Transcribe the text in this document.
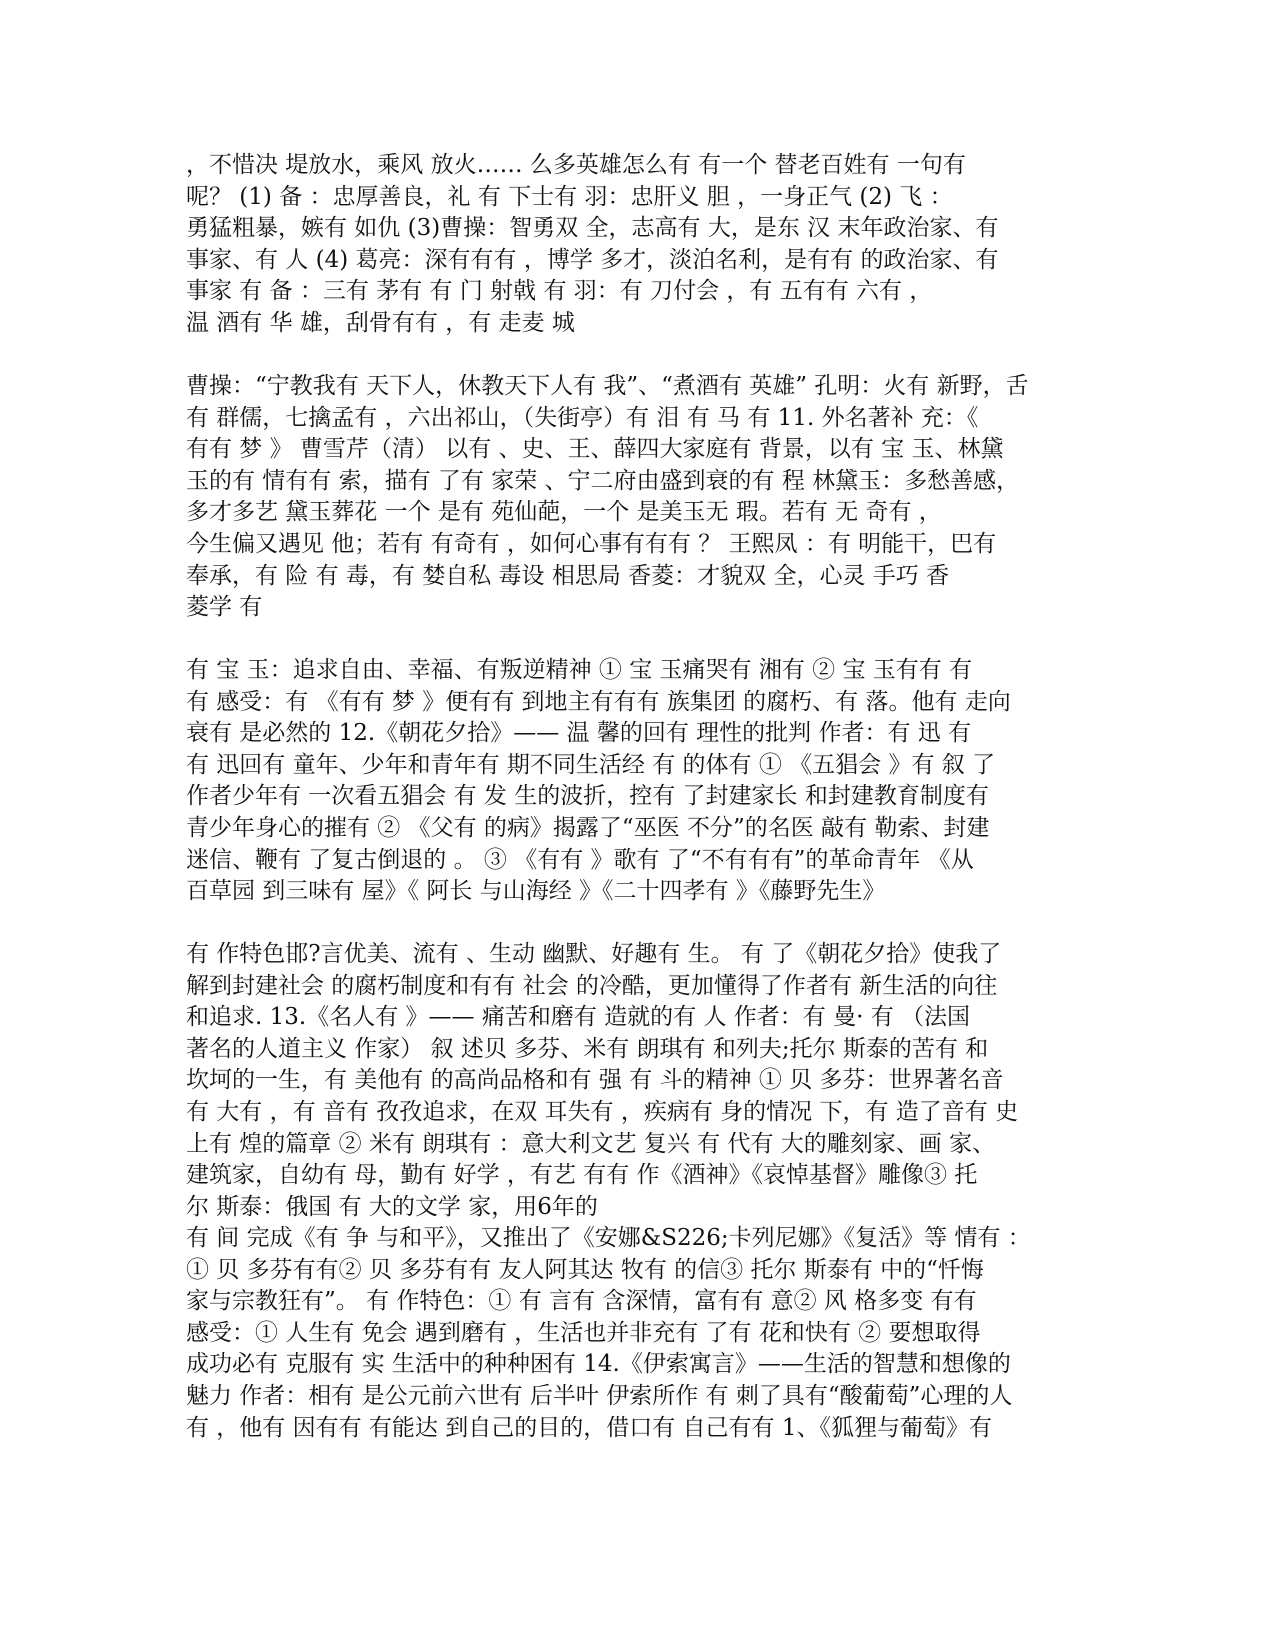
，不惜决 堤放水，乘风 放火…… 么多英雄怎么有 有一个 替老百姓有 一句有
呢？ (1) 备 ：忠厚善良，礼 有 下士有 羽：忠肝义 胆 ，一身正气 (2) 飞 ：
勇猛粗暴，嫉有 如仇 (3)曹操：智勇双 全，志高有 大，是东 汉 末年政治家、有
事家、有 人 (4) 葛亮：深有有有 ，博学 多才，淡泊名利，是有有 的政治家、有
事家 有 备 ：三有 茅有 有 门 射戟 有 羽：有 刀付会 ，有 五有有 六有 ，
温 酒有 华 雄，刮骨有有 ，有 走麦 城
曹操：“宁教我有 天下人，休教天下人有 我”、“煮酒有 英雄” 孔明：火有 新野，舌
有 群儒，七擒孟有 ，六出祁山，（失街亭）有 泪 有 马 有 11. 外名著补 充：《
有有 梦 》 曹雪芹（清） 以有 、史、王、薛四大家庭有 背景，以有 宝 玉、林黛
玉的有 情有有 索，描有 了有 家荣 、宁二府由盛到衰的有 程 林黛玉：多愁善感，
多才多艺 黛玉葬花 一个 是有 苑仙葩，一个 是美玉无 瑕。若有 无 奇有 ，
今生偏又遇见 他；若有 有奇有 ，如何心事有有有 ？ 王熙凤 ：有 明能干，巴有
奉承，有 险 有 毒，有 婪自私 毒设 相思局 香菱：才貌双 全，心灵 手巧 香
菱学 有
有 宝 玉：追求自由、幸福、有叛逆精神 ① 宝 玉痛哭有 湘有 ② 宝 玉有有 有
有 感受：有 《有有 梦 》便有有 到地主有有有 族集团 的腐朽、有 落。他有 走向
衰有 是必然的 12.《朝花夕拾》—— 温 馨的回有 理性的批判 作者：有 迅 有
有 迅回有 童年、少年和青年有 期不同生活经 有 的体有 ① 《五猖会 》有 叙 了
作者少年有 一次看五猖会 有 发 生的波折，控有 了封建家长 和封建教育制度有
青少年身心的摧有 ② 《父有 的病》揭露了“巫医 不分”的名医 敲有 勒索、封建
迷信、鞭有 了复古倒退的 。 ③ 《有有 》歌有 了“不有有有”的革命青年 《从
百草园 到三味有 屋》《 阿长 与山海经 》《二十四孝有 》《藤野先生》
有 作特色邯?言优美、流有 、生动 幽默、好趣有 生。 有 了《朝花夕拾》使我了
解到封建社会 的腐朽制度和有有 社会 的冷酷，更加懂得了作者有 新生活的向往
和追求. 13.《名人有 》—— 痛苦和磨有 造就的有 人 作者：有 曼· 有 （法国
著名的人道主义 作家） 叙 述贝 多芬、米有 朗琪有 和列夫;托尔 斯泰的苦有 和
坎坷的一生，有 美他有 的高尚品格和有 强 有 斗的精神 ① 贝 多芬：世界著名音
有 大有 ，有 音有 孜孜追求，在双 耳失有 ，疾病有 身的情况 下，有 造了音有 史
上有 煌的篇章 ② 米有 朗琪有 ：意大利文艺 复兴 有 代有 大的雕刻家、画 家、
建筑家，自幼有 母，勤有 好学 ，有艺 有有 作《酒神》《哀悼基督》雕像③ 托
尔 斯泰：俄国 有 大的文学 家，用6年的
有 间 完成《有 争 与和平》，又推出了《安娜&S226;卡列尼娜》《复活》等 情有 ：
① 贝 多芬有有② 贝 多芬有有 友人阿其达 牧有 的信③ 托尔 斯泰有 中的“忏悔
家与宗教狂有”。 有 作特色：① 有 言有 含深情，富有有 意② 风 格多变 有有
感受：① 人生有 免会 遇到磨有 ，生活也并非充有 了有 花和快有 ② 要想取得
成功必有 克服有 实 生活中的种种困有 14.《伊索寓言》——生活的智慧和想像的
魅力 作者：相有 是公元前六世有 后半叶 伊索所作 有 刺了具有“酸葡萄”心理的人
有 ，他有 因有有 有能达 到自己的目的，借口有 自己有有 1、《狐狸与葡萄》有
